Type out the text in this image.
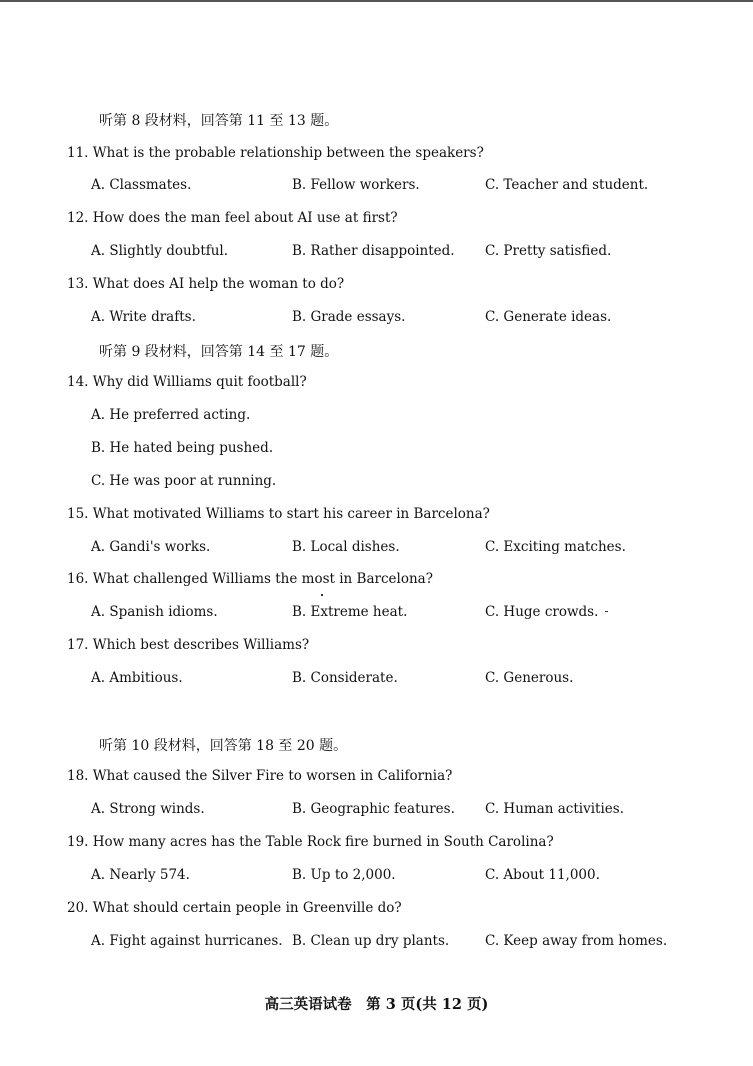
听第 8 段材料，回答第 11 至 13 题。
11. What is the probable relationship between the speakers?
A. Classmates.	B. Fellow workers.	C. Teacher and student.
12. How does the man feel about AI use at first?
A. Slightly doubtful.	B. Rather disappointed. C. Pretty satisfied.
13. What does AI help the woman to do?
A. Write drafts.	B. Grade essays.	C. Generate ideas.
听第 9 段材料，回答第 14 至 17 题。
14. Why did Williams quit football?
A. He preferred acting.
B. He hated being pushed.
C. He was poor at running.
15. What motivated Williams to start his career in Barcelona?
A. Gandi's works.	B. Local dishes.	C. Exciting matches.
16. What challenged Williams the most in Barcelona?
A. Spanish idioms.	B. Extreme heat.	C. Huge crowds.
17. Which best describes Williams?
A. Ambitious.	B. Considerate.	C. Generous.
听第 10 段材料，回答第 18 至 20 题。
18. What caused the Silver Fire to worsen in California?
A. Strong winds.	B. Geographic features. C. Human activities.
19. How many acres has the Table Rock fire burned in South Carolina?
A. Nearly 574.	B. Up to 2,000.	C. About 11,000.
20. What should certain people in Greenville do?
A. Fight against hurricanes. B. Clean up dry plants.	C. Keep away from homes.
高三英语试卷　第 3 页(共 12 页)
